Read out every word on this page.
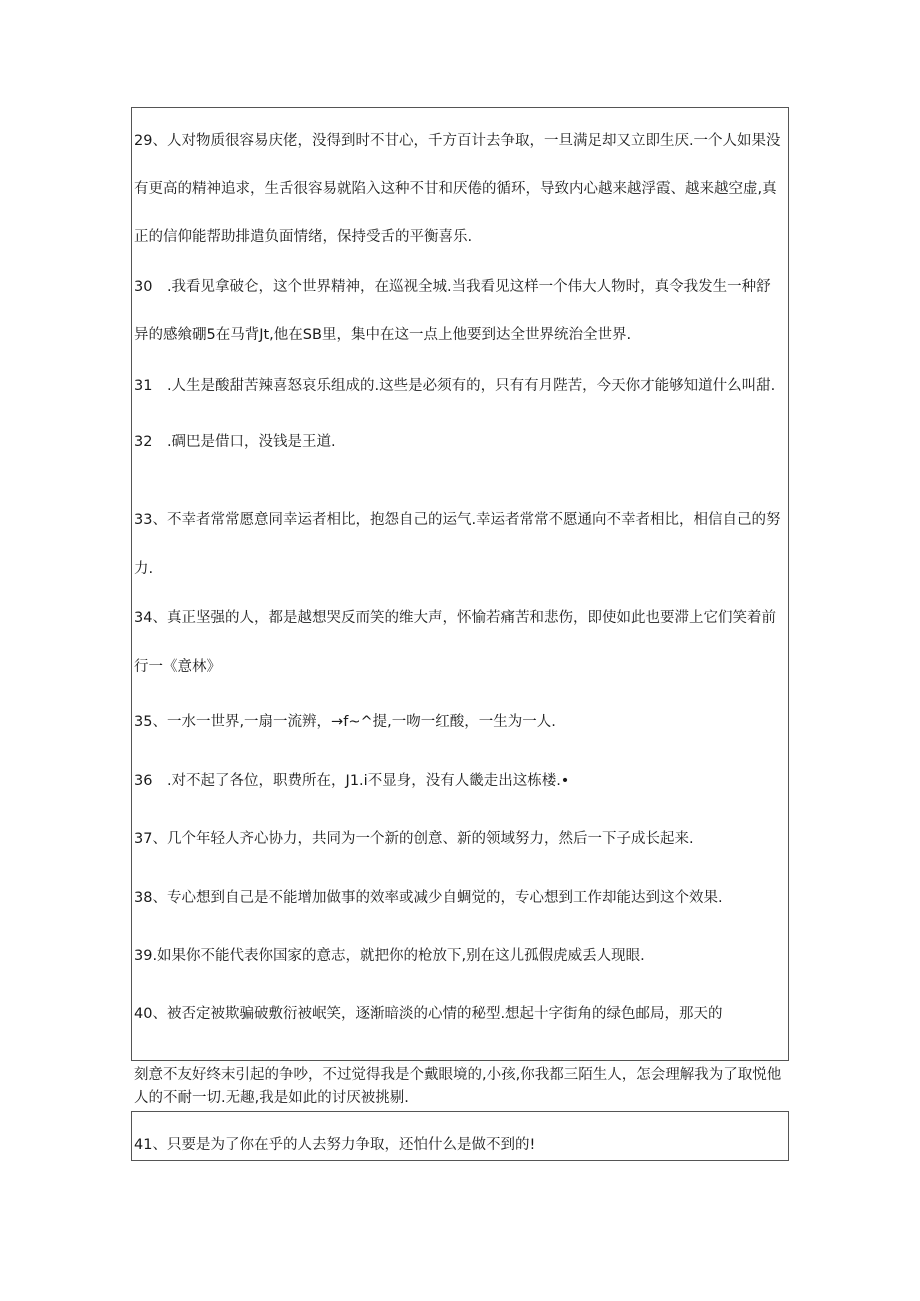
29、人对物质很容易庆佬，没得到时不甘心，千方百计去争取，一旦满足却又立即生厌.一个人如果没
有更高的精神追求，生舌很容易就陷入这种不甘和厌倦的循环，导致内心越来越浮霞、越来越空虚,真
正的信仰能帮助排遣负面情绪，保持受舌的平衡喜乐.
30　.我看见拿破仑，这个世界精神，在巡视全城.当我看见这样一个伟大人物时，真令我发生一种舒
异的感飨硼5在马背Jt,他在SB里，集中在这一点上他要到达全世界统治全世界.
31　.人生是酸甜苦辣喜怒哀乐组成的.这些是必须有的，只有有月陛苦，今天你才能够知道什么叫甜.
32　.碉巴是借口，没钱是王道.
33、不幸者常常愿意同幸运者相比，抱怨自己的运气.幸运者常常不愿通向不幸者相比，相信自己的努
力.
34、真正坚强的人，都是越想哭反而笑的维大声，怀愉若痛苦和悲伤，即使如此也要滞上它们笑着前
行一《意林》
35、一水一世界,一扇一流辨，→f~^提,一吻一红酸，一生为一人.
36　.对不起了各位，职费所在，J1.i不显身，没有人畿走出这栋楼.•
37、几个年轻人齐心协力，共同为一个新的创意、新的领域努力，然后一下子成长起来.
38、专心想到自己是不能增加做事的效率或减少自蜩觉的，专心想到工作却能达到这个效果.
39.如果你不能代表你国家的意志，就把你的枪放下,别在这儿孤假虎威丢人现眼.
40、被否定被欺骗破敷衍被岷笑，逐渐暗淡的心情的秘型.想起十字街角的绿色邮局，那天的
刻意不友好终末引起的争吵，不过觉得我是个戴眼境的,小孩,你我都三陌生人，怎会理解我为了取悦他
人的不耐一切.无趣,我是如此的讨厌被挑剔.
41、只要是为了你在乎的人去努力争取，还怕什么是做不到的!
